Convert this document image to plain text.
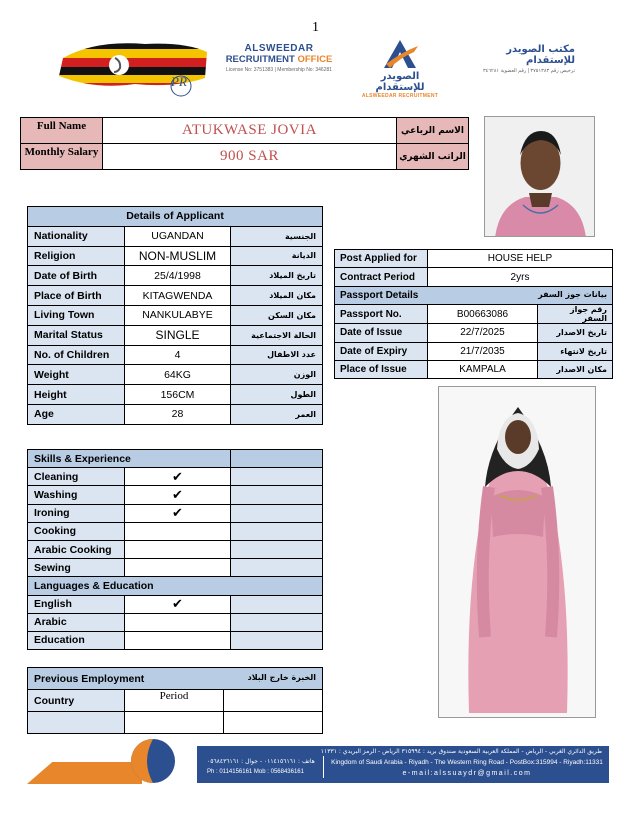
1
PR
ALSWEEDAR
RECRUITMENT OFFICE
License No: 3751383 | Membership No: 346281
الصويدر للإستقدام
ALSWEEDAR RECRUITMENT
مكتب الصويدر للإستقدام
ترخيص رقم ٣٧٥١٣٨٣ | رقم العضوية ٣٤٦٢٨١
Full Name	ATUKWASE JOVIA	الاسم الرباعي
Monthly Salary	900 SAR	الراتب الشهري
Details of Applicant		
Nationality	UGANDAN	الجنسية
Religion	NON-MUSLIM	الديانة
Date of Birth	25/4/1998	تاريخ الميلاد
Place of Birth	KITAGWENDA	مكان الميلاد
Living Town	NANKULABYE	مكان السكن
Marital Status	SINGLE	الحالة الاجتماعية
No. of Children	4	عدد الاطفال
Weight	64KG	الوزن
Height	156CM	الطول
Age	28	العمر
Post Applied for	HOUSE HELP	
Contract Period	2yrs	
Passport Details بيانات جوز السفر		

Passport No.	B00663086	رقم جواز السفر
Date of Issue	22/7/2025	تاريخ الاصدار
Date of Expiry	21/7/2035	تاريخ لانتهاء
Place of Issue	KAMPALA	مكان الاصدار
Skills & Experience		
Cleaning	✔	
Washing	✔	
Ironing	✔	
Cooking		
Arabic Cooking		
Sewing		
Languages & Education		
English	✔	
Arabic		
Education		
Previous Employment الخبرة خارج البلاد		

Country	Period	

طريق الدائري الغربي - الرياض - المملكة العربية السعودية صندوق بريد : ٣١٥٩٩٤ الرياض - الرمز البريدي : ١١٣٣١
هاتف : ٠١١٤١٥٦١٦١ - جوال : ٠٥٦٨٤٣٦١٦١	Kingdom of Saudi Arabia - Riyadh - The Western Ring Road - PostBox:315994 - Riyadh:11331
Ph : 0114156161 Mob : 0568436161	e-mail:alssuaydr@gmail.com
